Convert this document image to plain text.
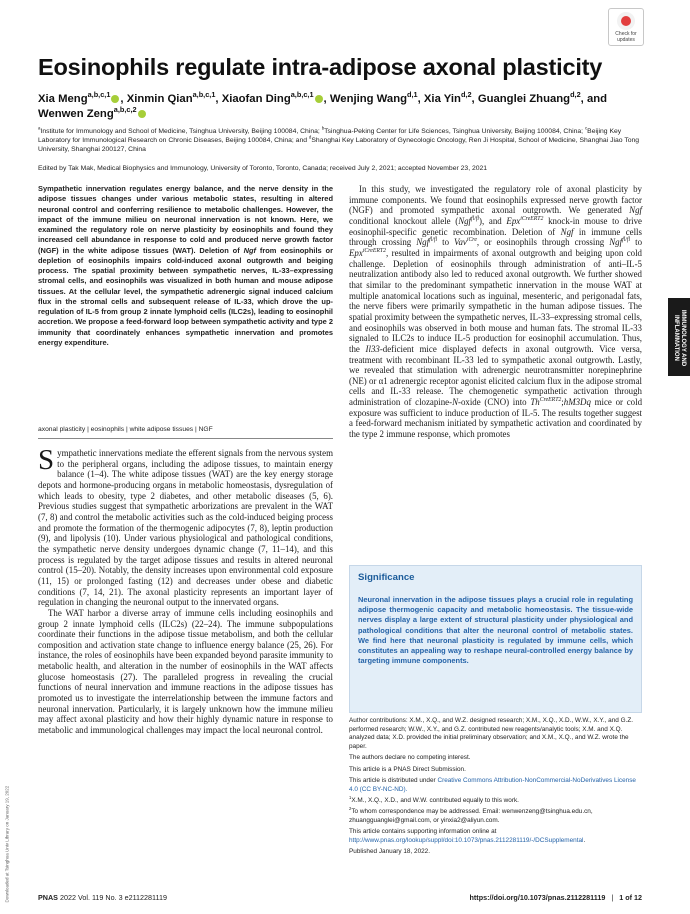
Downloaded at Tsinghua Univ Library on January 19, 2022
Check for
updates
Eosinophils regulate intra-adipose axonal plasticity
Xia Meng$^{a,b,c,1}$ , Xinmin Qian$^{a,b,c,1}$, Xiaofan Ding$^{a,b,c,1}$ , Wenjing Wang$^{d,1}$, Xia Yin$^{d,2}$, Guanglei Zhuang$^{d,2}$, and Wenwen Zeng$^{a,b,c,2}$
$^a$Institute for Immunology and School of Medicine, Tsinghua University, Beijing 100084, China; $^b$Tsinghua-Peking Center for Life Sciences, Tsinghua University, Beijing 100084, China; $^c$Beijing Key Laboratory for Immunological Research on Chronic Diseases, Beijing 100084, China; and $^d$Shanghai Key Laboratory of Gynecologic Oncology, Ren Ji Hospital, School of Medicine, Shanghai Jiao Tong University, Shanghai 200127, China
Edited by Tak Mak, Medical Biophysics and Immunology, University of Toronto, Toronto, Canada; received July 2, 2021; accepted November 23, 2021
Sympathetic innervation regulates energy balance, and the nerve density in the adipose tissues changes under various metabolic states, resulting in altered neuronal control and conferring resilience to metabolic challenges. However, the impact of the immune milieu on neuronal innervation is not known. Here, we examined the regulatory role on nerve plasticity by eosinophils and found they increased cell abundance in response to cold and produced nerve growth factor (NGF) in the white adipose tissues (WAT). Deletion of Ngf from eosinophils or depletion of eosinophils impairs cold-induced axonal outgrowth and beiging process. The spatial proximity between sympathetic nerves, IL-33–expressing stromal cells, and eosinophils was visualized in both human and mouse adipose tissues. At the cellular level, the sympathetic adrenergic signal induced calcium flux in the stromal cells and subsequent release of IL-33, which drove the up-regulation of IL-5 from group 2 innate lymphoid cells (ILC2s), leading to eosinophil accretion. We propose a feed-forward loop between sympathetic activity and type 2 immunity that coordinately enhances sympathetic innervation and promotes energy expenditure.
axonal plasticity | eosinophils | white adipose tissues | NGF

Sympathetic innervations mediate the efferent signals from the nervous system to the peripheral organs, including the adipose tissues, to maintain energy balance (1–4). The white adipose tissues (WAT) are the key energy storage depots and hormone-producing organs in metabolic homeostasis, dysregulation of which leads to obesity, type 2 diabetes, and other metabolic diseases (5, 6). Previous studies suggest that sympathetic arborizations are prevalent in the WAT (7, 8) and control the metabolic activities such as the cold-induced beiging process and promote the formation of the thermogenic adipocytes (7, 8), leptin production (9), and lipolysis (10). Under various physiological and pathological conditions, the sympathetic nerve density undergoes dynamic change (7, 11–14), and this process is regulated by the target adipose tissues and results in altered neuronal control (15–20). Notably, the density increases upon environmental cold exposure (11, 15) or prolonged fasting (12) and decreases under obese and diabetic conditions (7, 14, 21). The axonal plasticity represents an important layer of regulation in changing the neuronal output to the innervated organs.

The WAT harbor a diverse array of immune cells including eosinophils and group 2 innate lymphoid cells (ILC2s) (22–24). The immune subpopulations coordinate their functions in the adipose tissue metabolism, and both the cellular composition and activation state change to influence energy balance (25, 26). For instance, the roles of eosinophils have been expanded beyond parasite immunity to metabolic health, and alteration in the number of eosinophils in the WAT affects glucose homeostasis (27). The paralleled progress in revealing the crucial functions of neural innervation and immune reactions in the adipose tissues has promoted us to investigate the interrelationship between the immune factors and neuronal innervation. Particularly, it is largely unknown how the immune milieu may affect axonal plasticity and how their highly dynamic nature in response to metabolic and immunological challenges may impact the local neuronal control.

In this study, we investigated the regulatory role of axonal plasticity by immune components. We found that eosinophils expressed nerve growth factor (NGF) and promoted sympathetic axonal outgrowth. We generated Ngf conditional knockout allele (Ngf$^{fl/fl}$), and Epx$^{iCreERT2}$ knock-in mouse to drive eosinophil-specific genetic recombination. Deletion of Ngf in immune cells through crossing Ngf$^{fl/fl}$ to Vav$^{iCre}$, or eosinophils through crossing Ngf$^{fl/fl}$ to Epx$^{iCreERT2}$, resulted in impairments of axonal outgrowth and beiging upon cold challenge. Depletion of eosinophils through administration of anti–IL-5 neutralization antibody also led to reduced axonal outgrowth. We further showed that similar to the predominant sympathetic innervation in the mouse WAT at multiple anatomical locations such as inguinal, mesenteric, and perigonadal fats, the nerve fibers were primarily sympathetic in the human adipose tissues. The spatial proximity between the sympathetic nerves, IL-33–expressing stromal cells, and eosinophils was observed in both mouse and human fats. The stromal IL-33 signaled to ILC2s to induce IL-5 production for eosinophil accumulation. Thus, the Il33-deficient mice displayed defects in axonal outgrowth. Vice versa, treatment with recombinant IL-33 led to sympathetic axonal outgrowth. Lastly, we revealed that stimulation with adrenergic neurotransmitter norepinephrine (NE) or α1 adrenergic receptor agonist elicited calcium flux in the adipose stromal cells and IL-33 release. The chemogenetic sympathetic activation through administration of clozapine-N-oxide (CNO) into $Th^{CreERT2};hM3Dq$ mice or cold exposure was sufficient to induce production of IL-5. The results together suggest a feed-forward mechanism initiated by sympathetic activation and coordinated by the type 2 immune response, which promotes
Significance
Neuronal innervation in the adipose tissues plays a crucial role in regulating adipose thermogenic capacity and metabolic homeostasis. The tissue-wide nerves display a large extent of structural plasticity under physiological and pathological conditions that alter the neuronal control of metabolic states. We find here that neuronal plasticity is regulated by immune cells, which constitutes an appealing way to reshape neural-controlled energy balance by targeting immune components.

Author contributions: X.M., X.Q., and W.Z. designed research; X.M., X.Q., X.D., W.W., X.Y., and G.Z. performed research; W.W., X.Y., and G.Z. contributed new reagents/analytic tools; X.M. and X.Q. analyzed data; X.D. provided the initial preliminary observation; and X.M., X.Q., and W.Z. wrote the paper.

The authors declare no competing interest.

This article is a PNAS Direct Submission.

This article is distributed under Creative Commons Attribution-NonCommercial-NoDerivatives License 4.0 (CC BY-NC-ND).

$^1$X.M., X.Q., X.D., and W.W. contributed equally to this work.

$^2$To whom correspondence may be addressed. Email: wenwenzeng@tsinghua.edu.cn, zhuangguanglei@gmail.com, or yinxia2@aliyun.com.

This article contains supporting information online at http://www.pnas.org/lookup/suppl/doi:10.1073/pnas.2112281119/-/DCSupplemental.

Published January 18, 2022.

IMMUNOLOGY AND INFLAMMATION
PNAS 2022 Vol. 119 No. 3 e2112281119	https://doi.org/10.1073/pnas.2112281119   |   1 of 12
